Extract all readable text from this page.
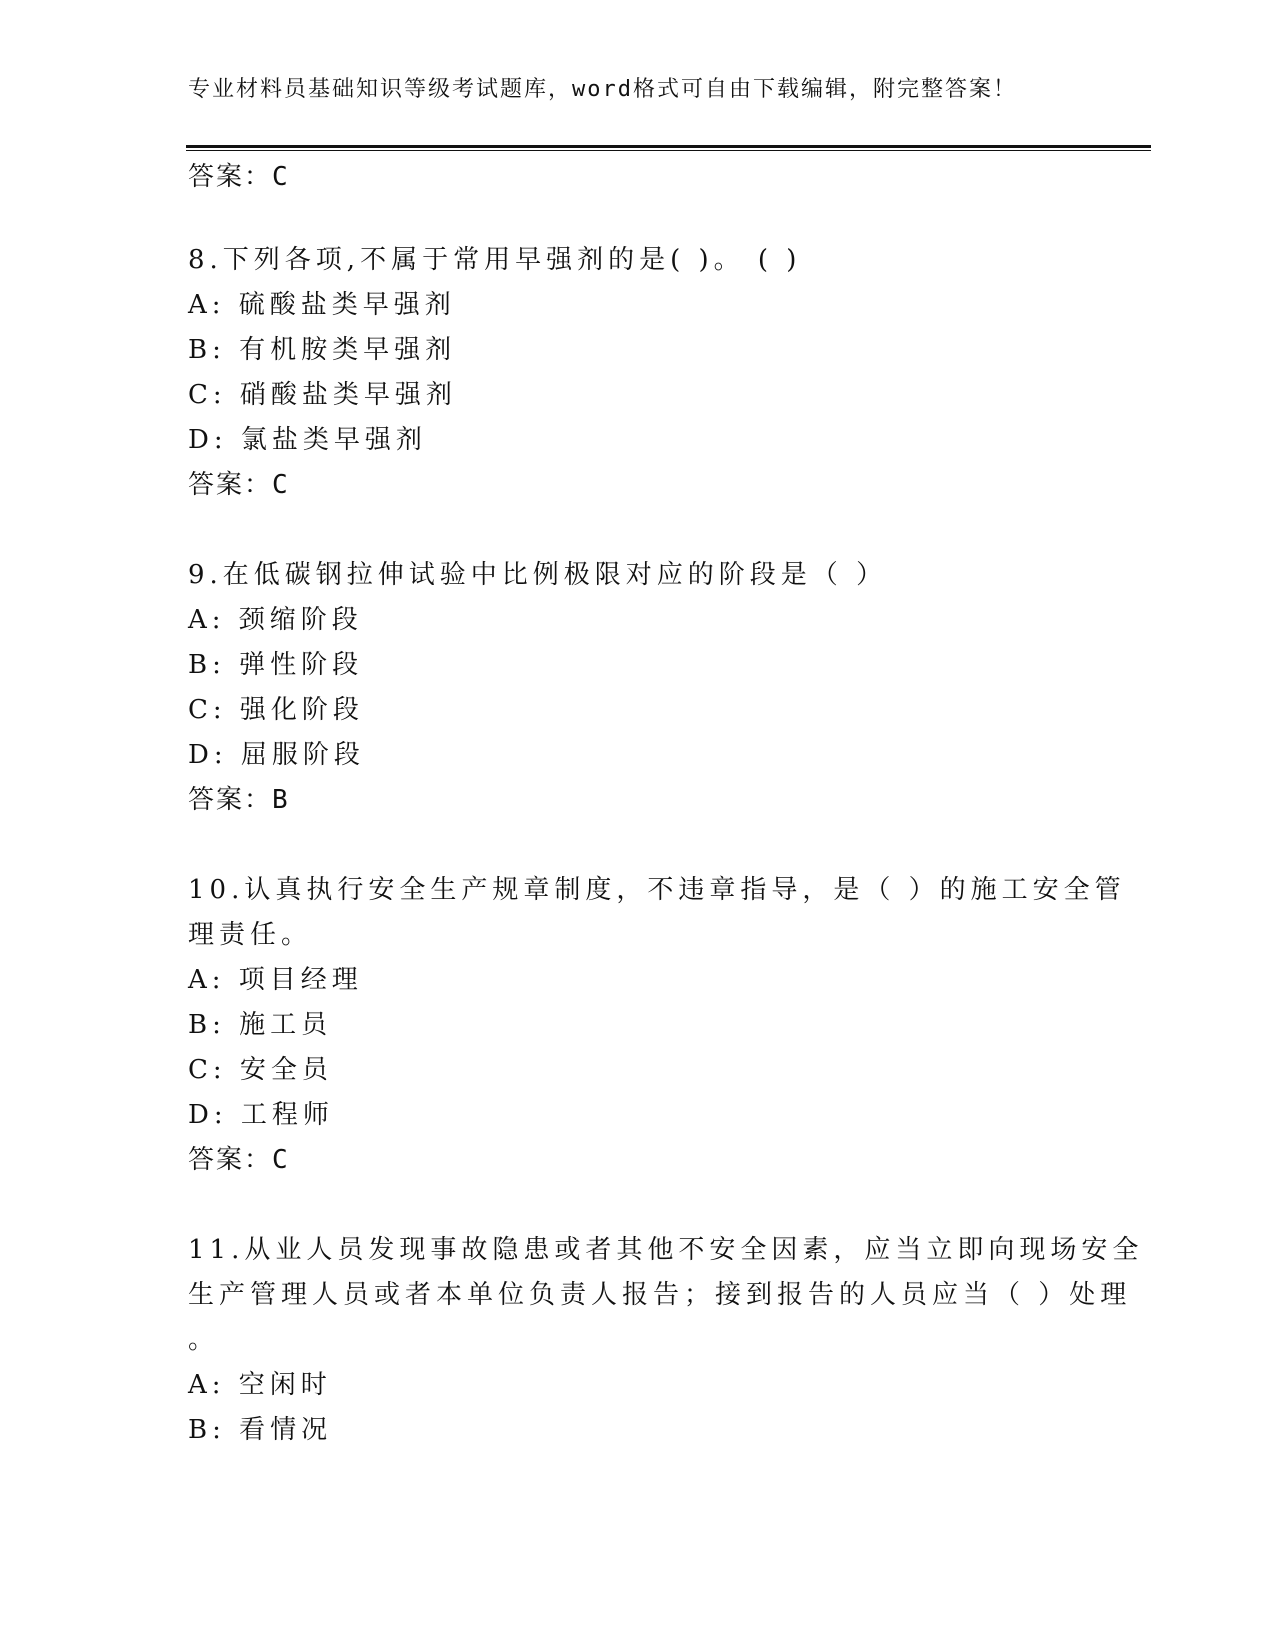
专业材料员基础知识等级考试题库，word格式可自由下载编辑，附完整答案！
答案：C
8.下列各项,不属于常用早强剂的是( )。 ( )
A: 硫酸盐类早强剂
B: 有机胺类早强剂
C: 硝酸盐类早强剂
D: 氯盐类早强剂
答案：C
9.在低碳钢拉伸试验中比例极限对应的阶段是（ ）
A: 颈缩阶段
B: 弹性阶段
C: 强化阶段
D: 屈服阶段
答案：B
10.认真执行安全生产规章制度，不违章指导，是（ ）的施工安全管
理责任。
A: 项目经理
B: 施工员
C: 安全员
D: 工程师
答案：C
11.从业人员发现事故隐患或者其他不安全因素，应当立即向现场安全
生产管理人员或者本单位负责人报告；接到报告的人员应当（ ）处理
。
A: 空闲时
B: 看情况
